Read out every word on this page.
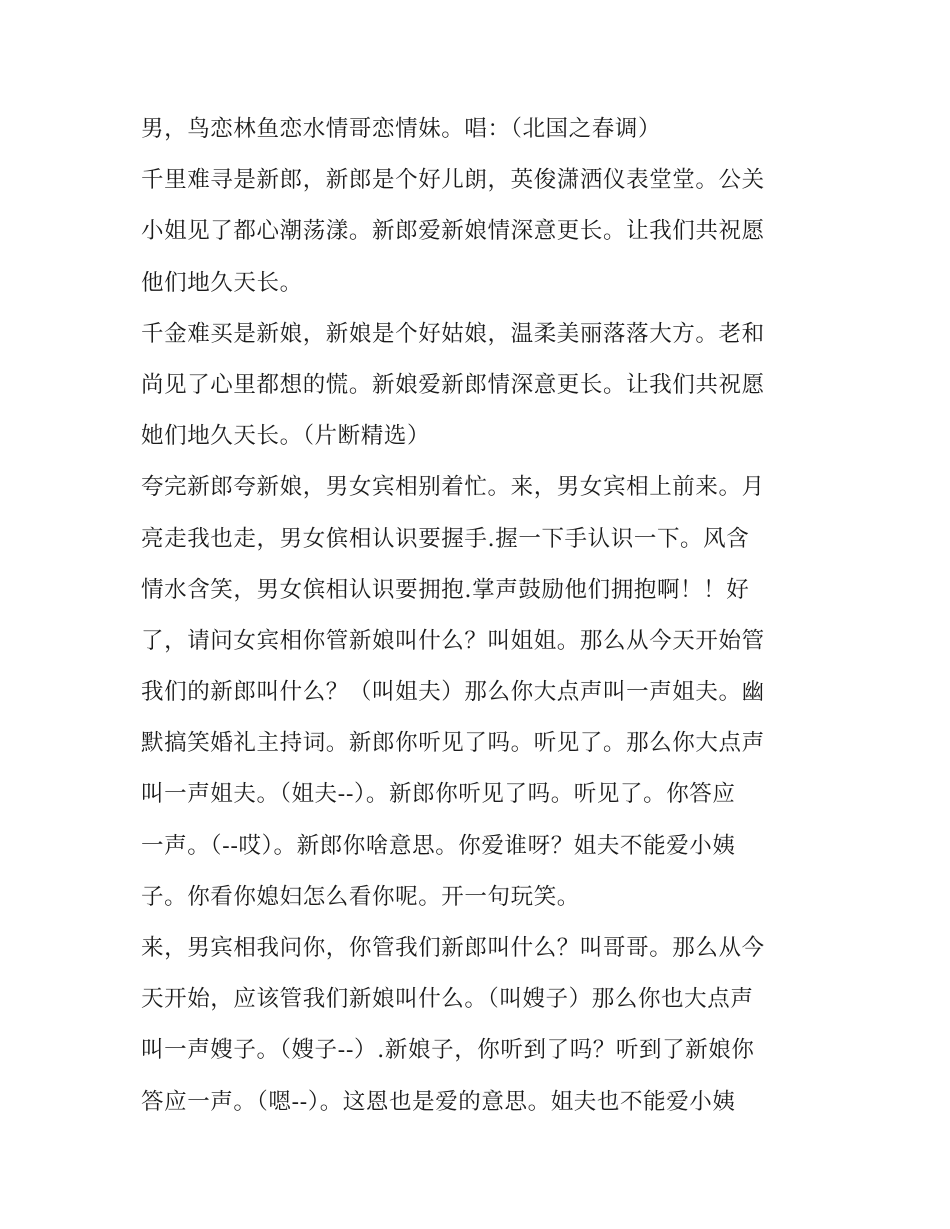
男，鸟恋林鱼恋水情哥恋情妹。唱：（北国之春调）
千里难寻是新郎，新郎是个好儿朗，英俊潇洒仪表堂堂。公关
小姐见了都心潮荡漾。新郎爱新娘情深意更长。让我们共祝愿
他们地久天长。
千金难买是新娘，新娘是个好姑娘，温柔美丽落落大方。老和
尚见了心里都想的慌。新娘爱新郎情深意更长。让我们共祝愿
她们地久天长。（片断精选）
夸完新郎夸新娘，男女宾相别着忙。来，男女宾相上前来。月
亮走我也走，男女傧相认识要握手.握一下手认识一下。风含
情水含笑，男女傧相认识要拥抱.掌声鼓励他们拥抱啊！！好
了，请问女宾相你管新娘叫什么？叫姐姐。那么从今天开始管
我们的新郎叫什么？（叫姐夫）那么你大点声叫一声姐夫。幽
默搞笑婚礼主持词。新郎你听见了吗。听见了。那么你大点声
叫一声姐夫。（姐夫--）。新郎你听见了吗。听见了。你答应
一声。（--哎）。新郎你啥意思。你爱谁呀？姐夫不能爱小姨
子。你看你媳妇怎么看你呢。开一句玩笑。
来，男宾相我问你，你管我们新郎叫什么？叫哥哥。那么从今
天开始，应该管我们新娘叫什么。（叫嫂子）那么你也大点声
叫一声嫂子。（嫂子--）.新娘子，你听到了吗？听到了新娘你
答应一声。（嗯--）。这恩也是爱的意思。姐夫也不能爱小姨
